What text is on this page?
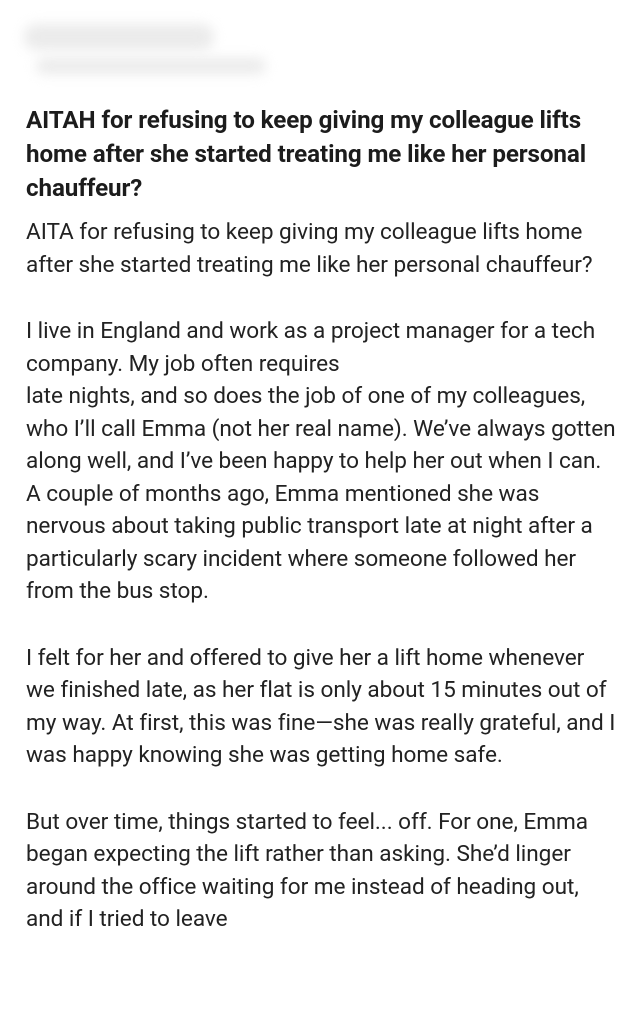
AITAH for refusing to keep giving my colleague lifts home after she started treating me like her personal chauffeur?

AITA for refusing to keep giving my colleague lifts home after she started treating me like her personal chauffeur?

I live in England and work as a project manager for a tech company. My job often requires
late nights, and so does the job of one of my colleagues, who I’ll call Emma (not her real name). We’ve always gotten along well, and I’ve been happy to help her out when I can. A couple of months ago, Emma mentioned she was nervous about taking public transport late at night after a particularly scary incident where someone followed her from the bus stop.

I felt for her and offered to give her a lift home whenever we finished late, as her flat is only about 15 minutes out of my way. At first, this was fine—she was really grateful, and I was happy knowing she was getting home safe.

But over time, things started to feel... off. For one, Emma began expecting the lift rather than asking. She’d linger around the office waiting for me instead of heading out, and if I tried to leave
